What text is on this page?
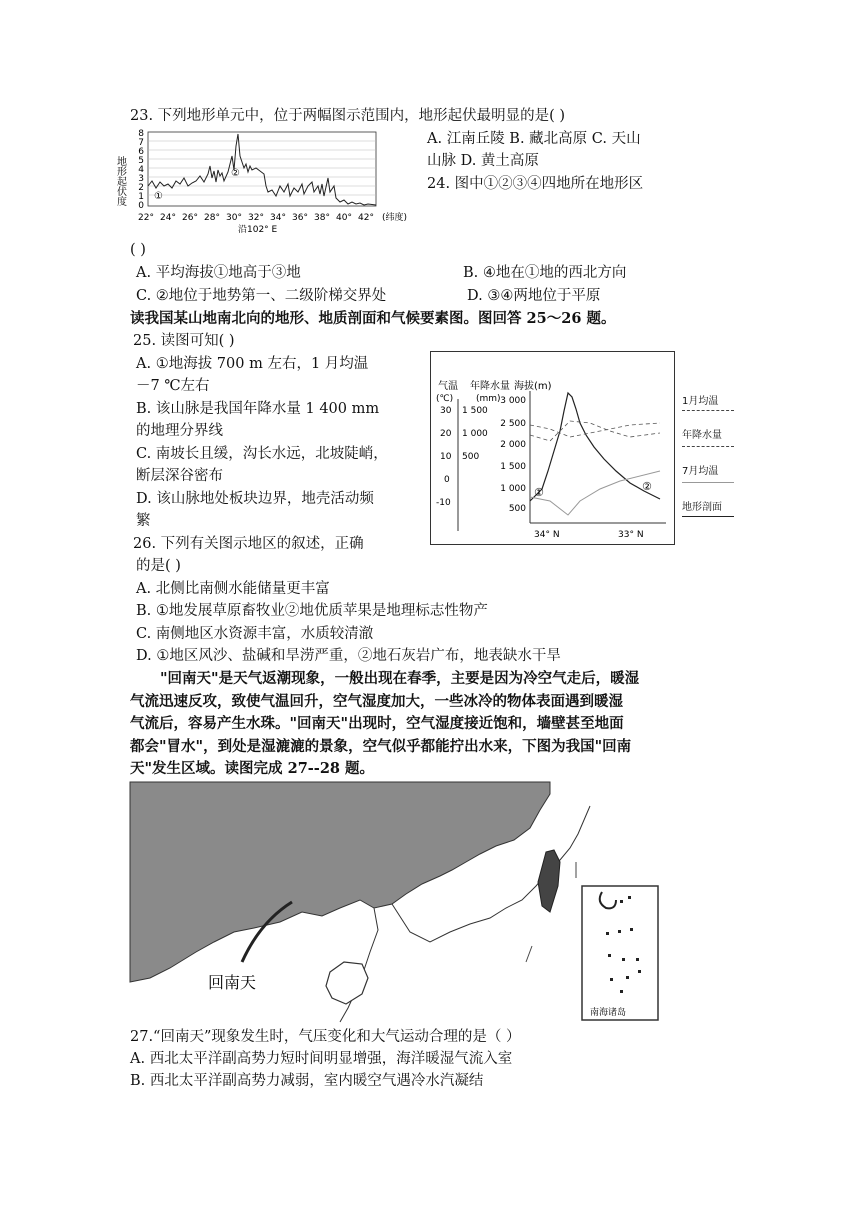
23. 下列地形单元中，位于两幅图示范围内，地形起伏最明显的是( )
A. 江南丘陵 B. 藏北高原 C. 天山
山脉 D. 黄土高原
24. 图中①②③④四地所在地形区
地形起伏度
8
7
6
5
4
3
2
1
0
①
②
22° 24° 26° 28° 30° 32° 34° 36° 38° 40° 42° (纬度)
沿102° E
( )
A. 平均海拔①地高于③地	B. ④地在①地的西北方向
C. ②地位于地势第一、二级阶梯交界处	D. ③④两地位于平原
读我国某山地南北向的地形、地质剖面和气候要素图。图回答 25～26 题。
25. 读图可知( )
A. ①地海拔 700 m 左右，1 月均温
－7 ℃左右
B. 该山脉是我国年降水量 1 400 mm
的地理分界线
C. 南坡长且缓，沟长水远，北坡陡峭，
断层深谷密布
D. 该山脉地处板块边界，地壳活动频
繁
气温
(℃)
年降水量
(mm)
海拔(m)
30
20
10
0
-10
1 500
1 000
500
3 000
2 500
2 000
1 500
1 000
500
①	②
34° N	33° N
1月均温
年降水量
7月均温
地形剖面
26. 下列有关图示地区的叙述，正确
的是( )
A. 北侧比南侧水能储量更丰富
B. ①地发展草原畜牧业②地优质苹果是地理标志性物产
C. 南侧地区水资源丰富，水质较清澈
D. ①地区风沙、盐碱和旱涝严重，②地石灰岩广布，地表缺水干旱
"回南天"是天气返潮现象，一般出现在春季，主要是因为冷空气走后，暖湿
气流迅速反攻，致使气温回升，空气湿度加大，一些冰冷的物体表面遇到暖湿
气流后，容易产生水珠。"回南天"出现时，空气湿度接近饱和，墙壁甚至地面
都会"冒水"，到处是湿漉漉的景象，空气似乎都能拧出水来，下图为我国"回南
天"发生区域。读图完成 27--28 题。
回南天
南海诸岛
27.“回南天”现象发生时，气压变化和大气运动合理的是（ ）
A. 西北太平洋副高势力短时间明显增强，海洋暖湿气流入室
B. 西北太平洋副高势力减弱，室内暖空气遇冷水汽凝结
